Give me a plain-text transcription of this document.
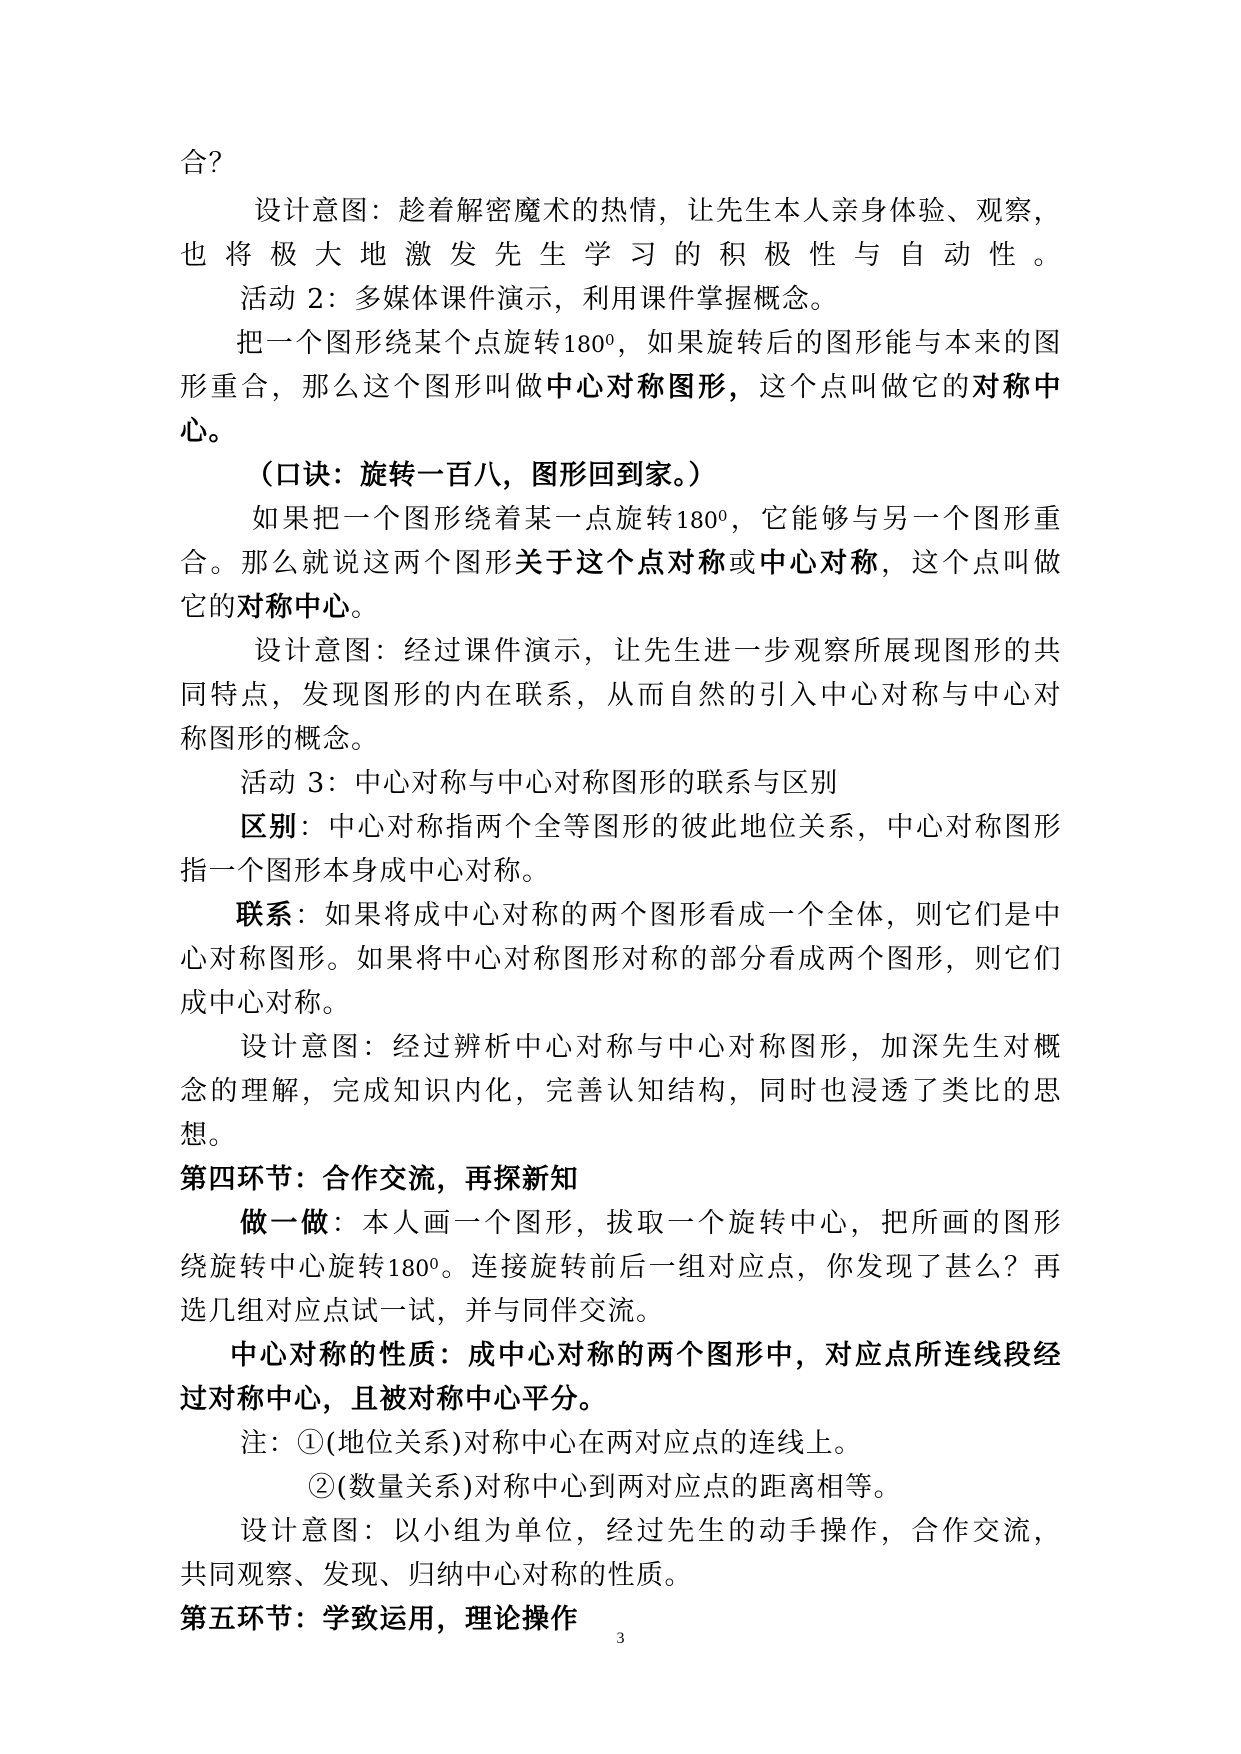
合？
设计意图：趁着解密魔术的热情，让先生本人亲身体验、观察，
也将极大地激发先生学习的积极性与自动性。
活动 2：多媒体课件演示，利用课件掌握概念。
把一个图形绕某个点旋转$180^0$，如果旋转后的图形能与本来的图
形重合，那么这个图形叫做中心对称图形，这个点叫做它的对称中
心。
（口诀：旋转一百八，图形回到家。）
如果把一个图形绕着某一点旋转$180^0$，它能够与另一个图形重
合。那么就说这两个图形关于这个点对称或中心对称，这个点叫做
它的对称中心。
设计意图：经过课件演示，让先生进一步观察所展现图形的共
同特点，发现图形的内在联系，从而自然的引入中心对称与中心对
称图形的概念。
活动 3：中心对称与中心对称图形的联系与区别
区别：中心对称指两个全等图形的彼此地位关系，中心对称图形
指一个图形本身成中心对称。
联系：如果将成中心对称的两个图形看成一个全体，则它们是中
心对称图形。如果将中心对称图形对称的部分看成两个图形，则它们
成中心对称。
设计意图：经过辨析中心对称与中心对称图形，加深先生对概
念的理解，完成知识内化，完善认知结构，同时也浸透了类比的思
想。
第四环节：合作交流，再探新知
做一做：本人画一个图形，拔取一个旋转中心，把所画的图形
绕旋转中心旋转$180^0$。连接旋转前后一组对应点，你发现了甚么？再
选几组对应点试一试，并与同伴交流。
中心对称的性质：成中心对称的两个图形中，对应点所连线段经
过对称中心，且被对称中心平分。
注：①(地位关系)对称中心在两对应点的连线上。
②(数量关系)对称中心到两对应点的距离相等。
设计意图：以小组为单位，经过先生的动手操作，合作交流，
共同观察、发现、归纳中心对称的性质。
第五环节：学致运用，理论操作
3
